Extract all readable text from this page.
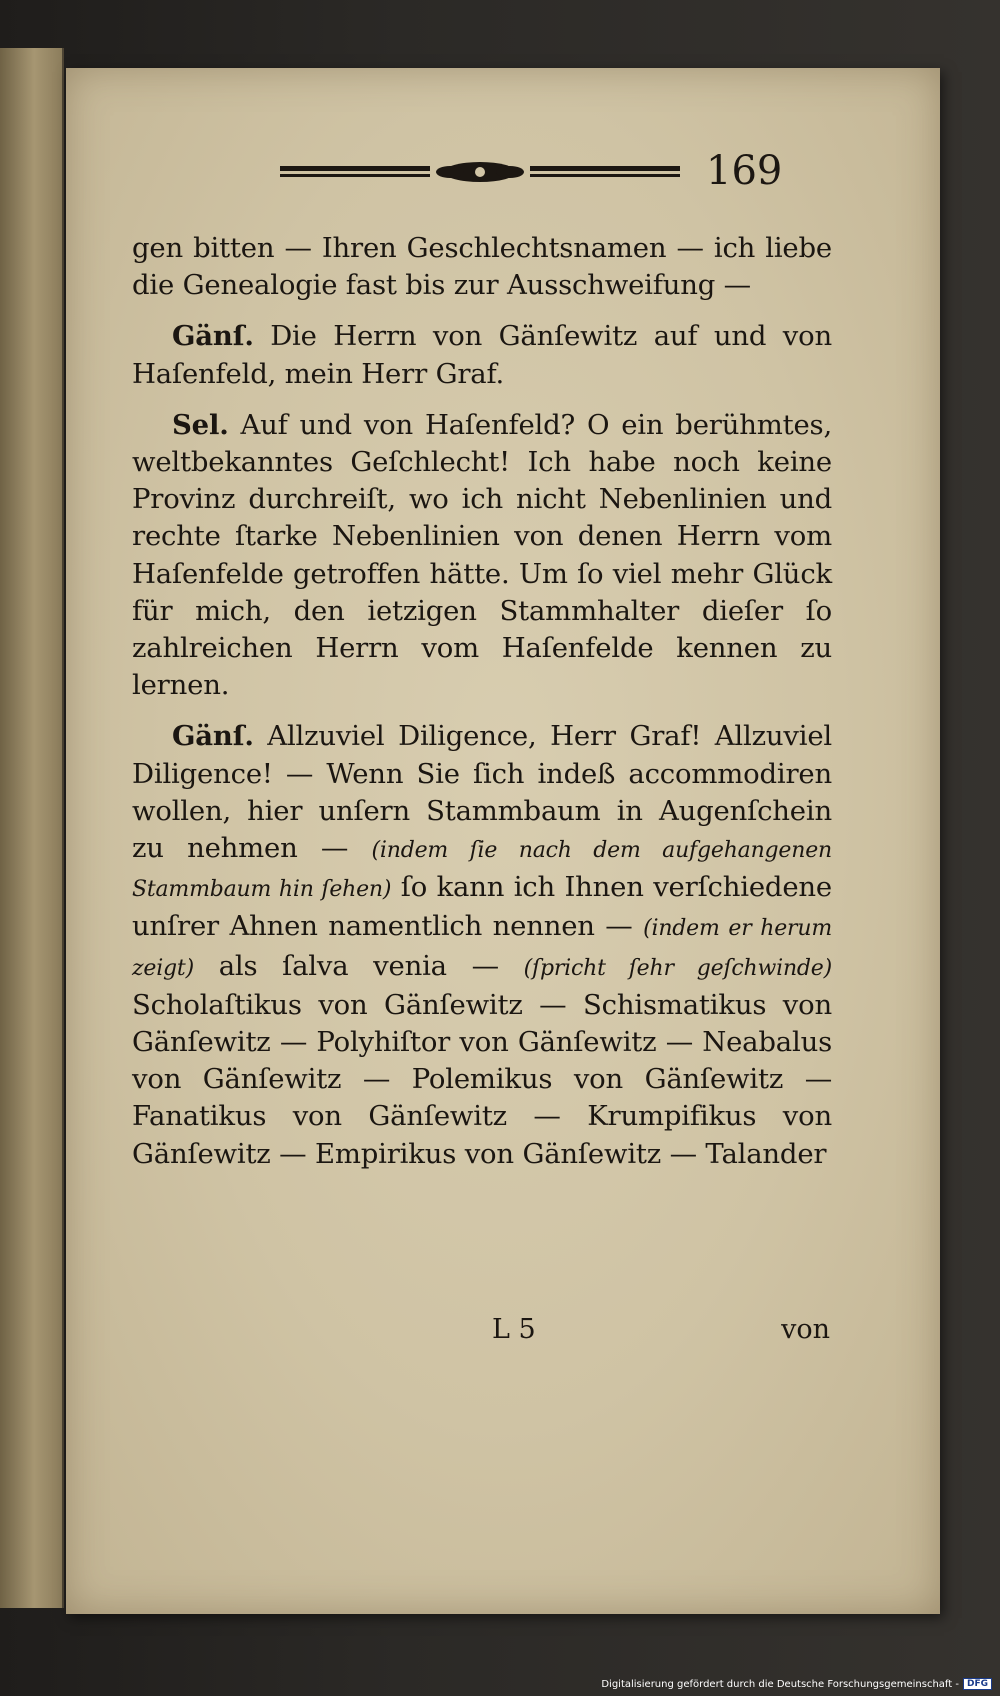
169

gen bitten — Ihren Geschlechtsnamen — ich liebe die Genealogie fast bis zur Ausschweifung —

Gänſ. Die Herrn von Gänſewitz auf und von Haſenfeld, mein Herr Graf.

Sel. Auf und von Haſenfeld? O ein berühmtes, weltbekanntes Geſchlecht! Ich habe noch keine Provinz durchreiſt, wo ich nicht Nebenlinien und rechte ſtarke Nebenlinien von denen Herrn vom Haſenfelde getroffen hätte. Um ſo viel mehr Glück für mich, den ietzigen Stammhalter dieſer ſo zahlreichen Herrn vom Haſenfelde kennen zu lernen.

Gänſ. Allzuviel Diligence, Herr Graf! Allzuviel Diligence! — Wenn Sie ſich indeß accommodiren wollen, hier unſern Stammbaum in Augenſchein zu nehmen — (indem ſie nach dem aufgehangenen Stammbaum hin ſehen) ſo kann ich Ihnen verſchiedene unſrer Ahnen namentlich nennen — (indem er herum zeigt) als ſalva venia — (ſpricht ſehr geſchwinde) Scholaſtikus von Gänſewitz — Schismatikus von Gänſewitz — Polyhiſtor von Gänſewitz — Neabalus von Gänſewitz — Polemikus von Gänſewitz — Fanatikus von Gänſewitz — Krumpifikus von Gänſewitz — Empirikus von Gänſewitz — Talander

L 5	von
Digitalisierung gefördert durch die Deutsche Forschungsgemeinschaft - DFG
